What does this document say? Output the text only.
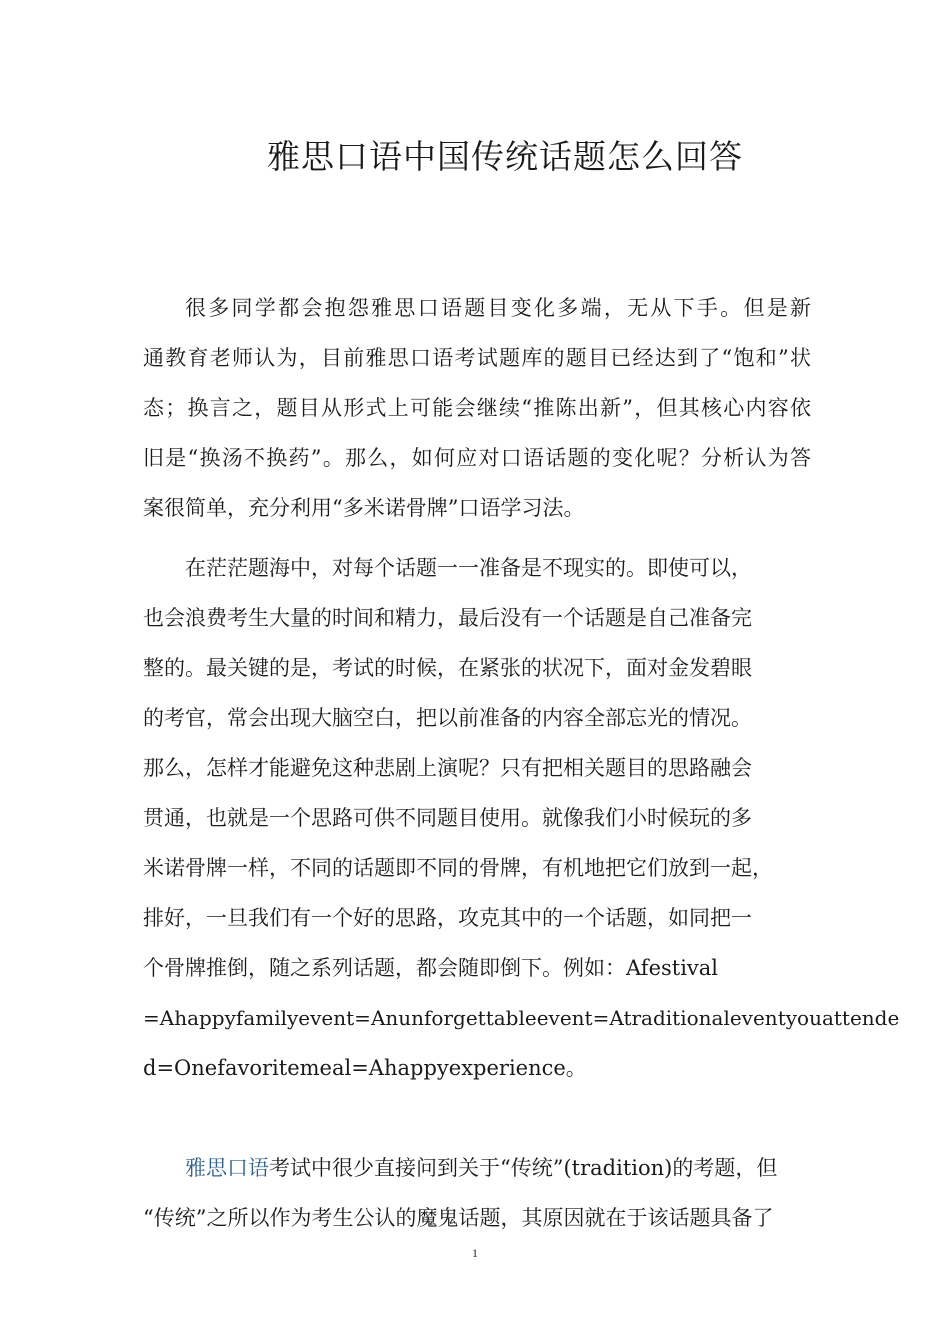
雅思口语中国传统话题怎么回答
很多同学都会抱怨雅思口语题目变化多端，无从下手。但是新
通教育老师认为，目前雅思口语考试题库的题目已经达到了“饱和”状
态；换言之，题目从形式上可能会继续“推陈出新”，但其核心内容依
旧是“换汤不换药”。那么，如何应对口语话题的变化呢？分析认为答
案很简单，充分利用“多米诺骨牌”口语学习法。
在茫茫题海中，对每个话题一一准备是不现实的。即使可以，
也会浪费考生大量的时间和精力，最后没有一个话题是自己准备完
整的。最关键的是，考试的时候，在紧张的状况下，面对金发碧眼
的考官，常会出现大脑空白，把以前准备的内容全部忘光的情况。
那么，怎样才能避免这种悲剧上演呢？只有把相关题目的思路融会
贯通，也就是一个思路可供不同题目使用。就像我们小时候玩的多
米诺骨牌一样，不同的话题即不同的骨牌，有机地把它们放到一起，
排好，一旦我们有一个好的思路，攻克其中的一个话题，如同把一
个骨牌推倒，随之系列话题，都会随即倒下。例如：Afestival
=Ahappyfamilyevent=Anunforgettableevent=Atraditionaleventyouattende
d=Onefavoritemeal=Ahappyexperience。
雅思口语考试中很少直接问到关于“传统”(tradition)的考题，但
“传统”之所以作为考生公认的魔鬼话题，其原因就在于该话题具备了
1
